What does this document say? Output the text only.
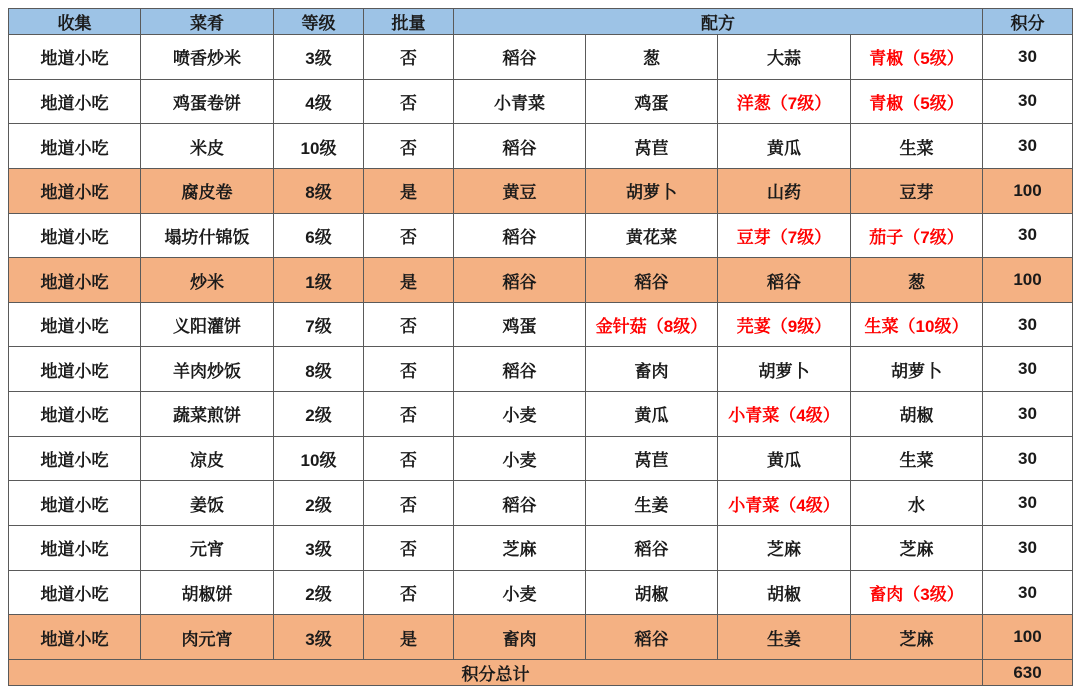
收集	菜肴	等级	批量	配方				积分
地道小吃	喷香炒米	3级	否	稻谷	葱	大蒜	青椒（5级）	30
地道小吃	鸡蛋卷饼	4级	否	小青菜	鸡蛋	洋葱（7级）	青椒（5级）	30
地道小吃	米皮	10级	否	稻谷	莴苣	黄瓜	生菜	30
地道小吃	腐皮卷	8级	是	黄豆	胡萝卜	山药	豆芽	100
地道小吃	塌坊什锦饭	6级	否	稻谷	黄花菜	豆芽（7级）	茄子（7级）	30
地道小吃	炒米	1级	是	稻谷	稻谷	稻谷	葱	100
地道小吃	义阳灌饼	7级	否	鸡蛋	金针菇（8级）	芫荽（9级）	生菜（10级）	30
地道小吃	羊肉炒饭	8级	否	稻谷	畜肉	胡萝卜	胡萝卜	30
地道小吃	蔬菜煎饼	2级	否	小麦	黄瓜	小青菜（4级）	胡椒	30
地道小吃	凉皮	10级	否	小麦	莴苣	黄瓜	生菜	30
地道小吃	姜饭	2级	否	稻谷	生姜	小青菜（4级）	水	30
地道小吃	元宵	3级	否	芝麻	稻谷	芝麻	芝麻	30
地道小吃	胡椒饼	2级	否	小麦	胡椒	胡椒	畜肉（3级）	30
地道小吃	肉元宵	3级	是	畜肉	稻谷	生姜	芝麻	100
积分总计								630
